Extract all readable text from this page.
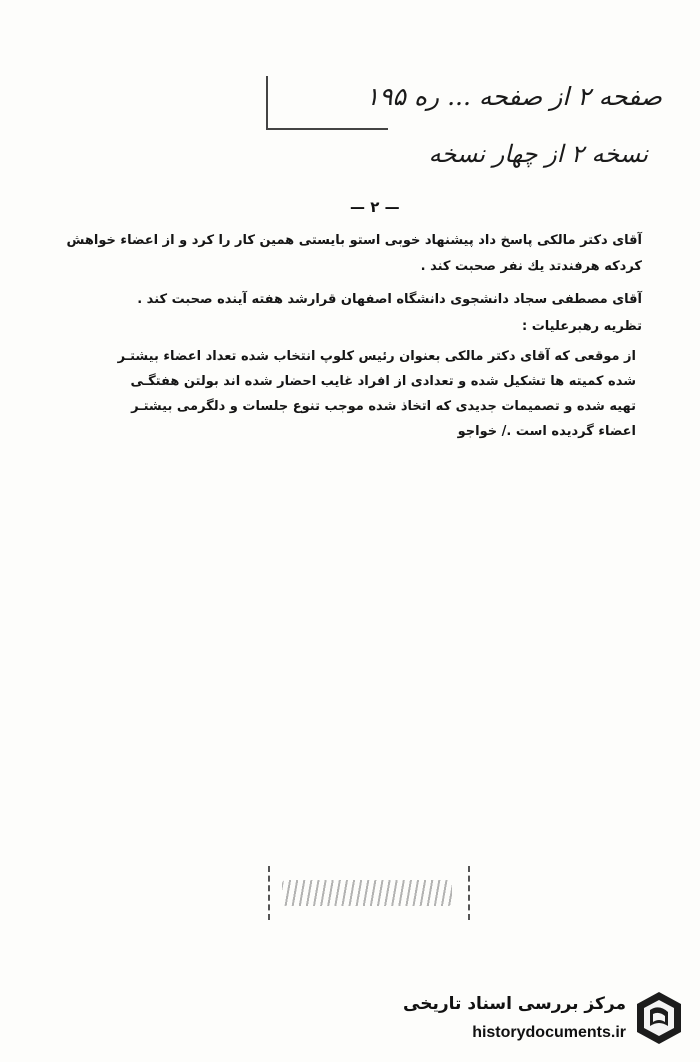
صفحه ۲ از صفحه ... ره ۱۹۵
نسخه ۲ از چهار نسخه
— ۲ —
آقای دکتر مالکی پاسخ داد پیشنهاد خوبی استو بایستی همین کار را کرد و از اعضاء خواهش
کردکه هرفندتد یك نفر صحبت کند .
آقای مصطفی سجاد دانشجوی دانشگاه اصفهان قرارشد هفته آینده صحبت کند .
تظریه رهبرعلیات :
از موقعی که آقای دکتر مالکی بعنوان رئیس کلوپ انتخاب شده تعداد اعضاء بیشتـر
شده کمیته ها تشکیل شده و تعدادی از افراد غایب احضار شده اند بولتن هفتگـی
تهیه شده و تصمیمات جدیدی که اتخاذ شده موجب تنوع جلسات و دلگرمی بیشتـر
اعضاء گردیده است ./ خواجو
مرکز بررسی اسناد تاریخی
historydocuments.ir
